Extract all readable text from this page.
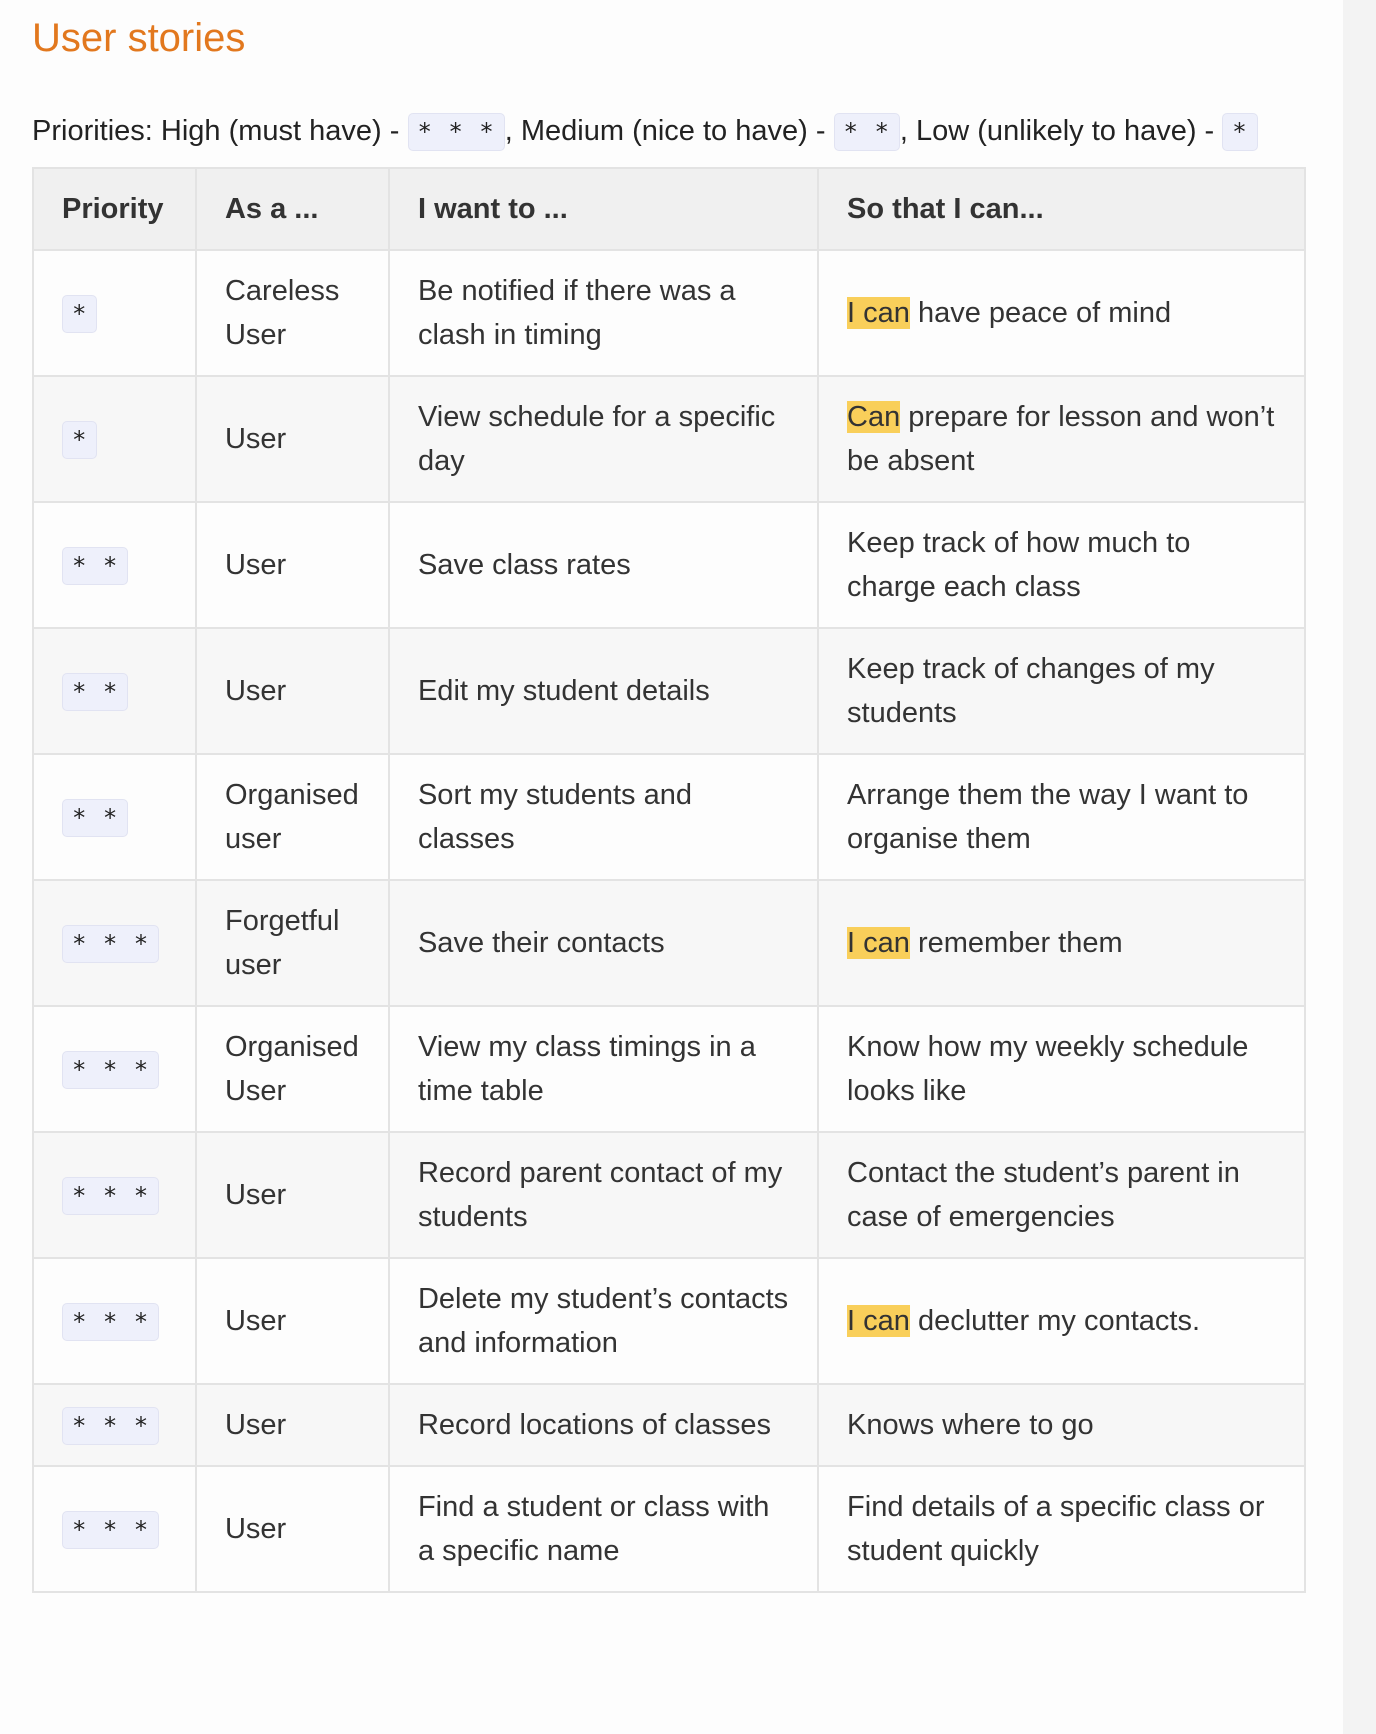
User stories
Priorities: High (must have) - * * * , Medium (nice to have) - * * , Low (unlikely to have) - *
Priority	As a ...	I want to ...	So that I can...
*	Careless User	Be notified if there was a clash in timing	I can have peace of mind
*	User	View schedule for a specific day	Can prepare for lesson and won’t be absent
* *	User	Save class rates	Keep track of how much to charge each class
* *	User	Edit my student details	Keep track of changes of my students
* *	Organised user	Sort my students and classes	Arrange them the way I want to organise them
* * *	Forgetful user	Save their contacts	I can remember them
* * *	Organised User	View my class timings in a time table	Know how my weekly schedule looks like
* * *	User	Record parent contact of my students	Contact the student’s parent in case of emergencies
* * *	User	Delete my student’s contacts and information	I can declutter my contacts.
* * *	User	Record locations of classes	Knows where to go
* * *	User	Find a student or class with a specific name	Find details of a specific class or student quickly
